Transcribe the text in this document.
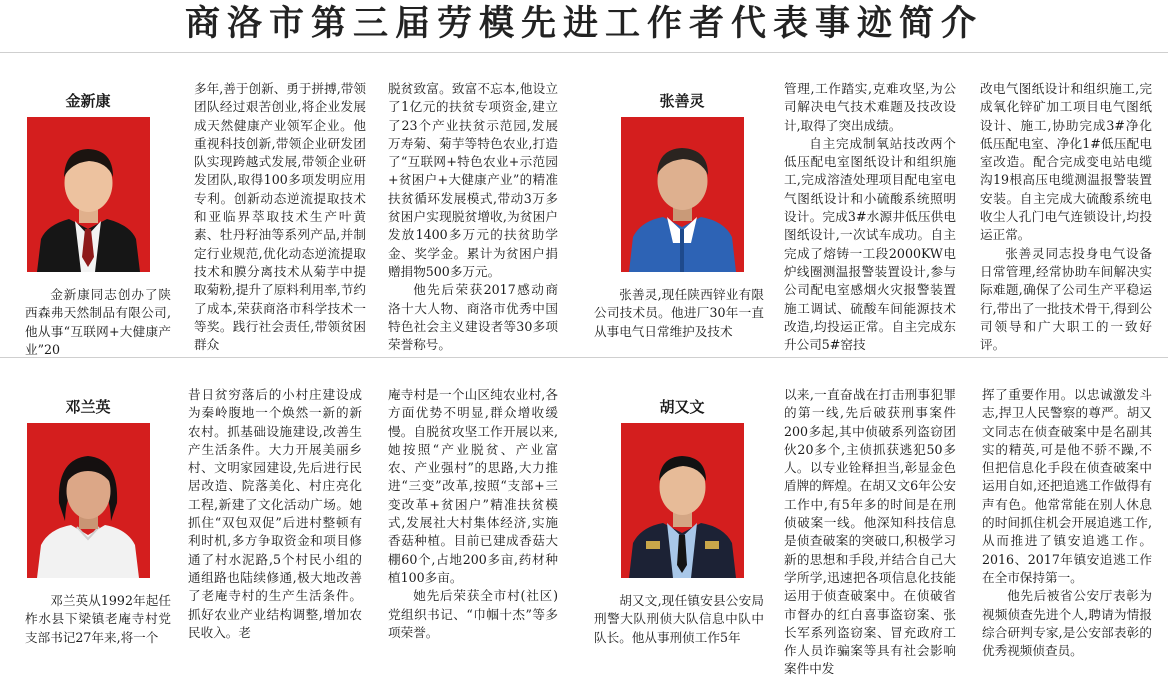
商洛市第三届劳模先进工作者代表事迹简介
金新康

金新康同志创办了陕西森弗天然制品有限公司,他从事“互联网+大健康产业”20

多年,善于创新、勇于拼搏,带领团队经过艰苦创业,将企业发展成天然健康产业领军企业。他重视科技创新,带领企业研发团队实现跨越式发展,带领企业研发团队,取得100多项发明应用专利。创新动态逆流提取技术和亚临界萃取技术生产叶黄素、牡丹籽油等系列产品,并制定行业规范,优化动态逆流提取技术和膜分离技术从菊芋中提取菊粉,提升了原料利用率,节约了成本,荣获商洛市科学技术一等奖。践行社会责任,带领贫困群众

脱贫致富。致富不忘本,他设立了1亿元的扶贫专项资金,建立了23个产业扶贫示范园,发展万寿菊、菊芋等特色农业,打造了“互联网+特色农业+示范园+贫困户+大健康产业”的精准扶贫循环发展模式,带动3万多贫困户实现脱贫增收,为贫困户发放1400多万元的扶贫助学金、奖学金。累计为贫困户捐赠捐物500多万元。

他先后荣获2017感动商洛十大人物、商洛市优秀中国特色社会主义建设者等30多项荣誉称号。

张善灵

张善灵,现任陕西锌业有限公司技术员。他进厂30年一直从事电气日常维护及技术

管理,工作踏实,克难攻坚,为公司解决电气技术难题及技改设计,取得了突出成绩。

自主完成制氧站技改两个低压配电室图纸设计和组织施工,完成溶渣处理项目配电室电气图纸设计和小硫酸系统照明设计。完成3#水源井低压供电图纸设计,一次试车成功。自主完成了熔铸一工段2000KW电炉线圈测温报警装置设计,参与公司配电室感烟火灾报警装置施工调试、硫酸车间能源技术改造,均投运正常。自主完成东升公司5#窑技

改电气图纸设计和组织施工,完成氧化锌矿加工项目电气图纸设计、施工,协助完成3#净化低压配电室、净化1#低压配电室改造。配合完成变电站电缆沟19根高压电缆测温报警装置安装。自主完成大硫酸系统电收尘人孔门电气连锁设计,均投运正常。

张善灵同志投身电气设备日常管理,经常协助车间解决实际难题,确保了公司生产平稳运行,带出了一批技术骨干,得到公司领导和广大职工的一致好评。

邓兰英

邓兰英从1992年起任柞水县下梁镇老庵寺村党支部书记27年来,将一个

昔日贫穷落后的小村庄建设成为秦岭腹地一个焕然一新的新农村。抓基础设施建设,改善生产生活条件。大力开展美丽乡村、文明家园建设,先后进行民居改造、院落美化、村庄亮化工程,新建了文化活动广场。她抓住“双包双促”后进村整顿有利时机,多方争取资金和项目修通了村水泥路,5个村民小组的通组路也陆续修通,极大地改善了老庵寺村的生产生活条件。抓好农业产业结构调整,增加农民收入。老

庵寺村是一个山区纯农业村,各方面优势不明显,群众增收缓慢。自脱贫攻坚工作开展以来,她按照“产业脱贫、产业富农、产业强村”的思路,大力推进“三变”改革,按照“支部+三变改革+贫困户”精准扶贫模式,发展社大村集体经济,实施香菇种植。目前已建成香菇大棚60个,占地200多亩,药材种植100多亩。

她先后荣获全市村(社区)党组织书记、“巾帼十杰”等多项荣誉。

胡又文

胡又文,现任镇安县公安局刑警大队刑侦大队信息中队中队长。他从事刑侦工作5年

以来,一直奋战在打击刑事犯罪的第一线,先后破获刑事案件200多起,其中侦破系列盗窃团伙20多个,主侦抓获逃犯50多人。以专业铨释担当,彰显金色盾牌的辉煌。在胡又文6年公安工作中,有5年多的时间是在刑侦破案一线。他深知科技信息是侦查破案的突破口,积极学习新的思想和手段,并结合自己大学所学,迅速把各项信息化技能运用于侦查破案中。在侦破省市督办的红白喜事盗窃案、张长军系列盗窃案、冒充政府工作人员诈骗案等具有社会影响案件中发

挥了重要作用。以忠诚激发斗志,捍卫人民警察的尊严。胡又文同志在侦查破案中是名副其实的精英,可是他不骄不躁,不但把信息化手段在侦查破案中运用自如,还把追逃工作做得有声有色。他常常能在别人休息的时间抓住机会开展追逃工作,从而推进了镇安追逃工作。2016、2017年镇安追逃工作在全市保持第一。

他先后被省公安厅表彰为视频侦查先进个人,聘请为情报综合研判专家,是公安部表彰的优秀视频侦查员。
